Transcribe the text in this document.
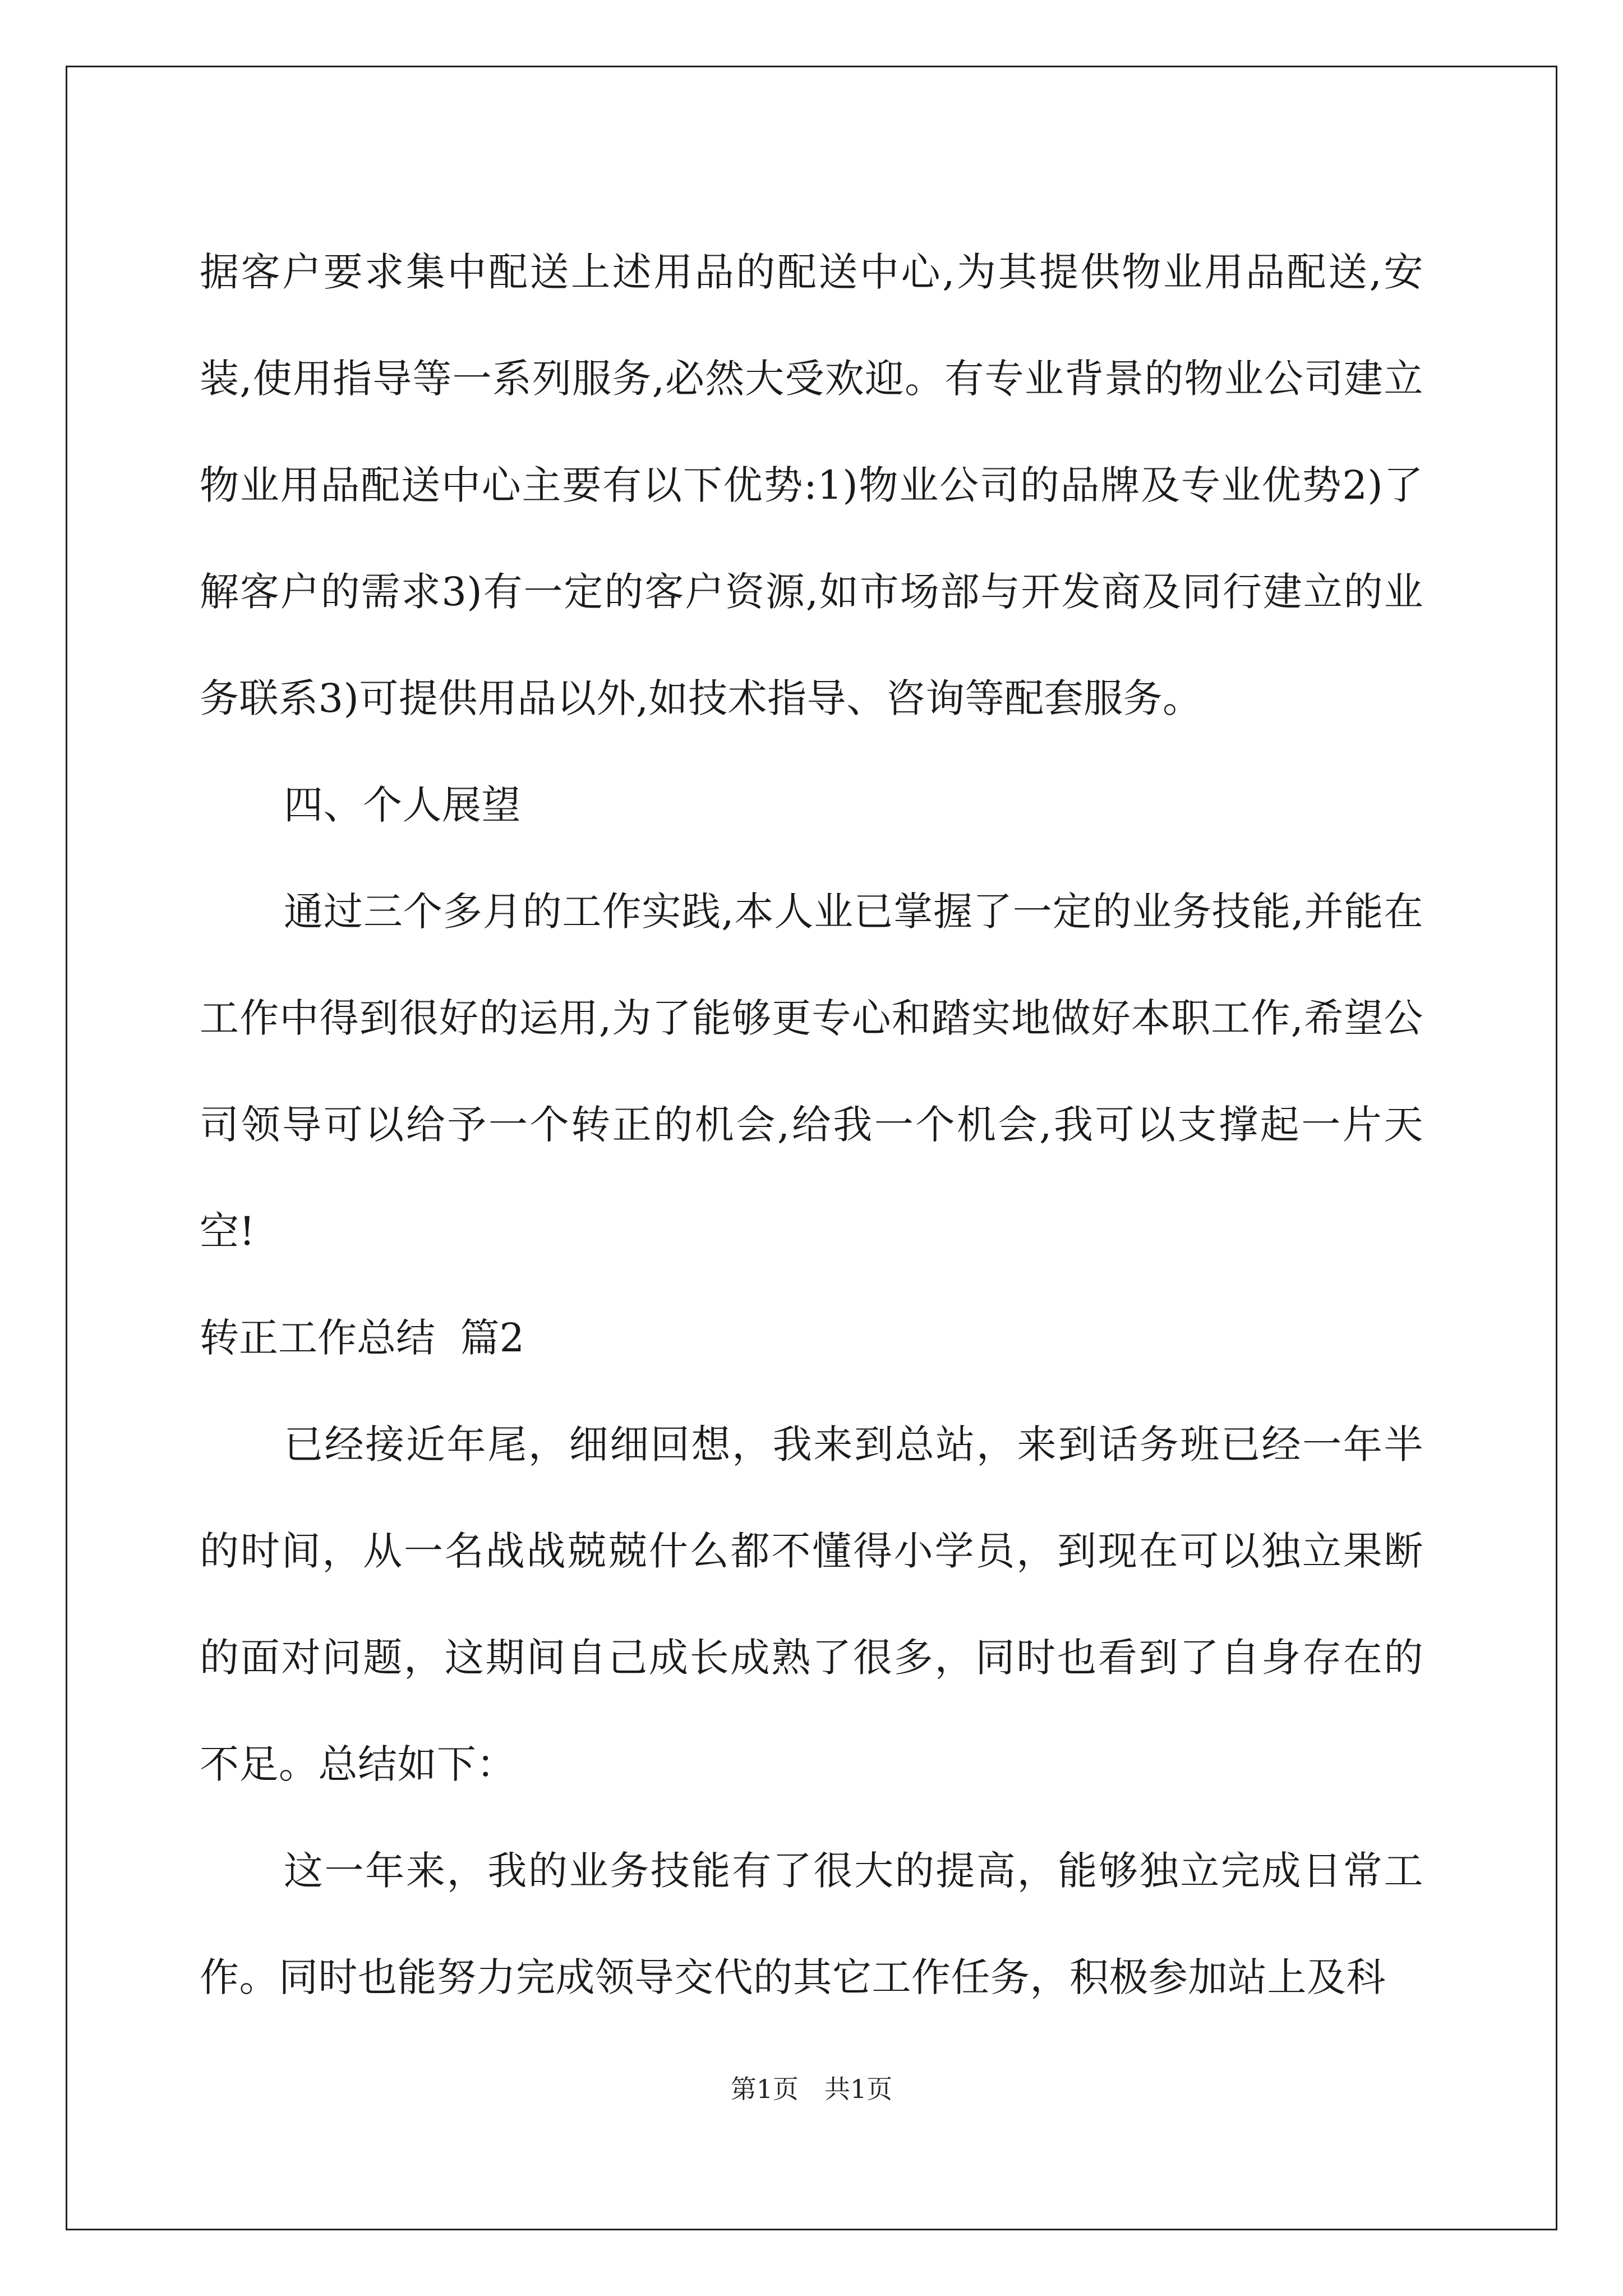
据客户要求集中配送上述用品的配送中心,为其提供物业用品配送,安装,使用指导等一系列服务,必然大受欢迎。有专业背景的物业公司建立物业用品配送中心主要有以下优势:1)物业公司的品牌及专业优势2)了解客户的需求3)有一定的客户资源,如市场部与开发商及同行建立的业务联系3)可提供用品以外,如技术指导、咨询等配套服务。

四、个人展望

通过三个多月的工作实践,本人业已掌握了一定的业务技能,并能在工作中得到很好的运用,为了能够更专心和踏实地做好本职工作,希望公司领导可以给予一个转正的机会,给我一个机会,我可以支撑起一片天空!

转正工作总结  篇2

已经接近年尾，细细回想，我来到总站，来到话务班已经一年半的时间，从一名战战兢兢什么都不懂得小学员，到现在可以独立果断的面对问题，这期间自己成长成熟了很多，同时也看到了自身存在的不足。总结如下：

这一年来，我的业务技能有了很大的提高，能够独立完成日常工作。同时也能努力完成领导交代的其它工作任务，积极参加站上及科

第1页　共1页
